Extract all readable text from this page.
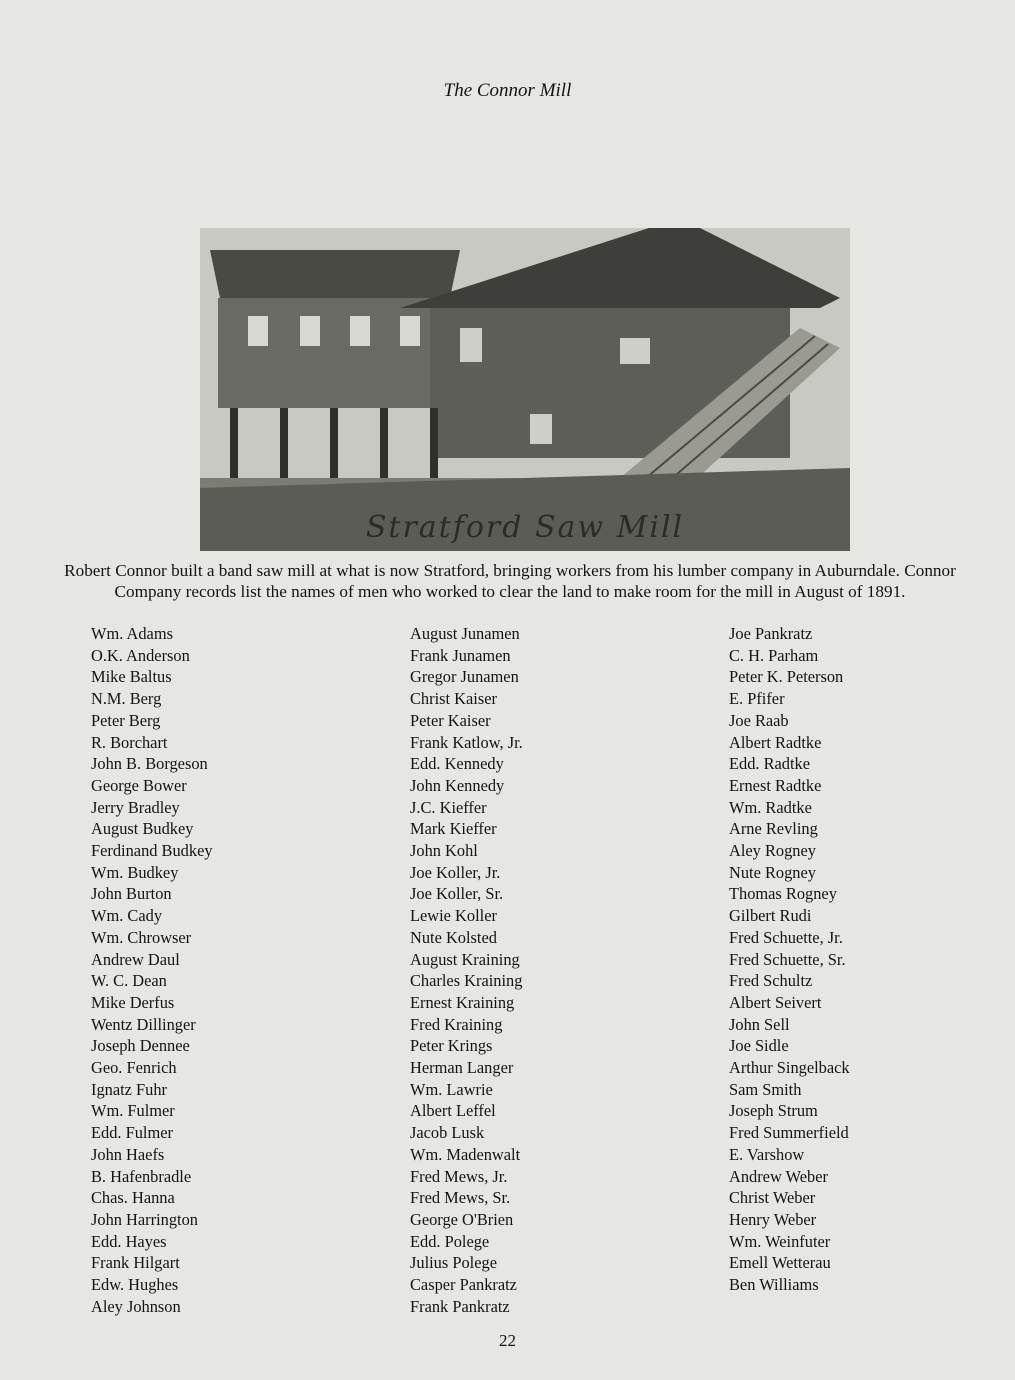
The Connor Mill
Stratford Saw Mill
Robert Connor built a band saw mill at what is now Stratford, bringing workers from his lumber company in Auburndale. Connor Company records list the names of men who worked to clear the land to make room for the mill in August of 1891.
Wm. Adams
O.K. Anderson
Mike Baltus
N.M. Berg
Peter Berg
R. Borchart
John B. Borgeson
George Bower
Jerry Bradley
August Budkey
Ferdinand Budkey
Wm. Budkey
John Burton
Wm. Cady
Wm. Chrowser
Andrew Daul
W. C. Dean
Mike Derfus
Wentz Dillinger
Joseph Dennee
Geo. Fenrich
Ignatz Fuhr
Wm. Fulmer
Edd. Fulmer
John Haefs
B. Hafenbradle
Chas. Hanna
John Harrington
Edd. Hayes
Frank Hilgart
Edw. Hughes
Aley Johnson
August Junamen
Frank Junamen
Gregor Junamen
Christ Kaiser
Peter Kaiser
Frank Katlow, Jr.
Edd. Kennedy
John Kennedy
J.C. Kieffer
Mark Kieffer
John Kohl
Joe Koller, Jr.
Joe Koller, Sr.
Lewie Koller
Nute Kolsted
August Kraining
Charles Kraining
Ernest Kraining
Fred Kraining
Peter Krings
Herman Langer
Wm. Lawrie
Albert Leffel
Jacob Lusk
Wm. Madenwalt
Fred Mews, Jr.
Fred Mews, Sr.
George O'Brien
Edd. Polege
Julius Polege
Casper Pankratz
Frank Pankratz
Joe Pankratz
C. H. Parham
Peter K. Peterson
E. Pfifer
Joe Raab
Albert Radtke
Edd. Radtke
Ernest Radtke
Wm. Radtke
Arne Revling
Aley Rogney
Nute Rogney
Thomas Rogney
Gilbert Rudi
Fred Schuette, Jr.
Fred Schuette, Sr.
Fred Schultz
Albert Seivert
John Sell
Joe Sidle
Arthur Singelback
Sam Smith
Joseph Strum
Fred Summerfield
E. Varshow
Andrew Weber
Christ Weber
Henry Weber
Wm. Weinfuter
Emell Wetterau
Ben Williams
22
